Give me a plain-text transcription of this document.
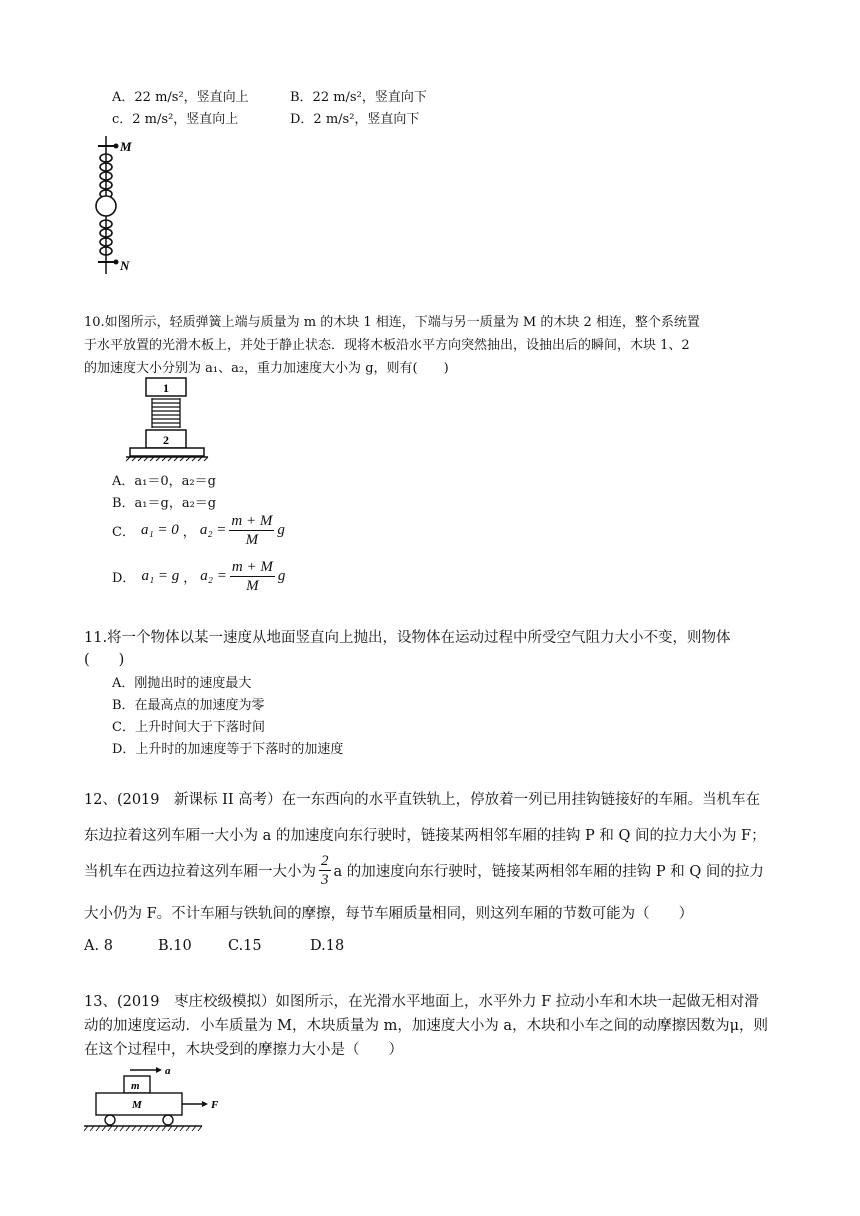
A．22 m/s²，竖直向上	B．22 m/s²，竖直向下
c．2 m/s²，竖直向上	D．2 m/s²，竖直向下
M
N
10.如图所示，轻质弹簧上端与质量为 m 的木块 1 相连，下端与另一质量为 M 的木块 2 相连，整个系统置
于水平放置的光滑木板上，并处于静止状态．现将木板沿水平方向突然抽出，设抽出后的瞬间，木块 1、2
的加速度大小分别为 a₁、a₂，重力加速度大小为 g，则有(　　)
1
2
A．a₁＝0，a₂＝g
B．a₁＝g，a₂＝g
C． a₁ = 0 ， $a_2 = \frac{m + M}{M}$ g
D． a₁ = g ， $a_2 = \frac{m + M}{M}$ g
11.将一个物体以某一速度从地面竖直向上抛出，设物体在运动过程中所受空气阻力大小不变，则物体
(　　)
A．刚抛出时的速度最大
B．在最高点的加速度为零
C．上升时间大于下落时间
D．上升时的加速度等于下落时的加速度
12、(2019　新课标 II 高考）在一东西向的水平直铁轨上，停放着一列已用挂钩链接好的车厢。当机车在
东边拉着这列车厢一大小为 a 的加速度向东行驶时，链接某两相邻车厢的挂钩 P 和 Q 间的拉力大小为 F；
当机车在西边拉着这列车厢一大小为 $\frac{2}{3}$ a 的加速度向东行驶时，链接某两相邻车厢的挂钩 P 和 Q 间的拉力
大小仍为 F。不计车厢与铁轨间的摩擦，每节车厢质量相同，则这列车厢的节数可能为（　　）
A. 8	B.10	C.15	D.18
13、(2019　枣庄校级模拟）如图所示，在光滑水平地面上，水平外力 F 拉动小车和木块一起做无相对滑
动的加速度运动．小车质量为 M，木块质量为 m，加速度大小为 a，木块和小车之间的动摩擦因数为μ，则
在这个过程中，木块受到的摩擦力大小是（　　）
a
m
M	F
